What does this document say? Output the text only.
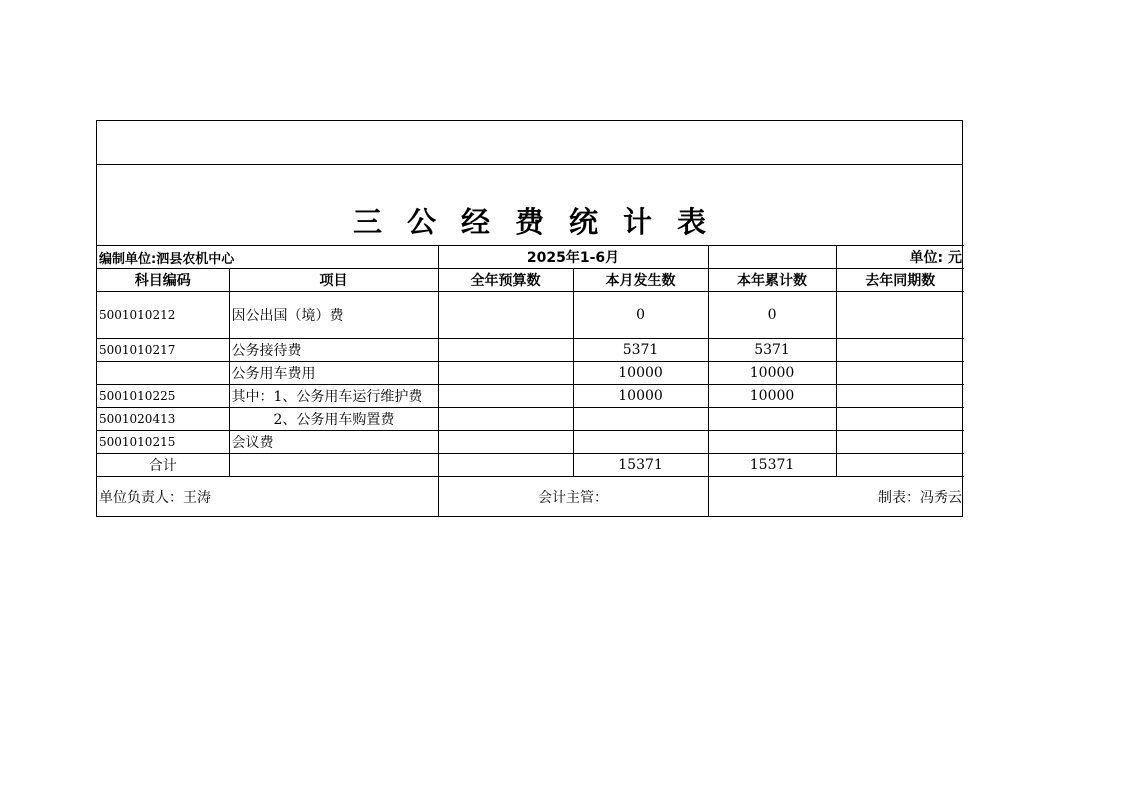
三公经费统计表
编制单位:泗县农机中心		2025年1-6月			单位: 元
科目编码	项目	全年预算数	本月发生数	本年累计数	去年同期数
5001010212	因公出国（境）费		0	0	
5001010217	公务接待费		5371	5371	
	公务用车费用		10000	10000	
5001010225	其中：1、公务用车运行维护费		10000	10000	
5001020413	2、公务用车购置费				
5001010215	会议费				
合计			15371	15371	
单位负责人：王涛		会计主管：		制表：冯秀云	
